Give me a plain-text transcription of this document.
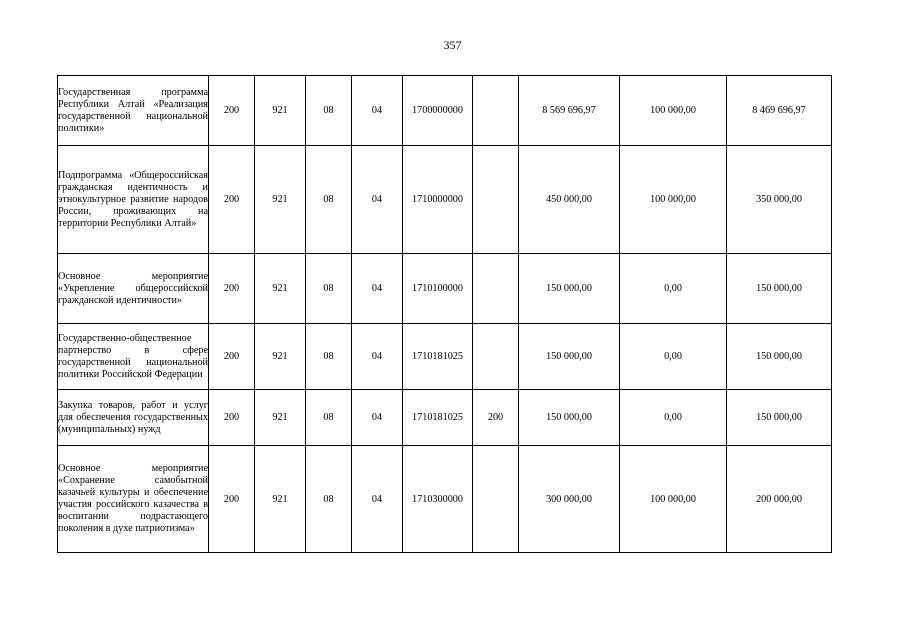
357
Государственная программа Республики Алтай «Реализация государственной национальной политики»	200	921	08	04	1700000000		8 569 696,97	100 000,00	8 469 696,97
Подпрограмма «Общероссийская гражданская идентичность и этнокультурное развитие народов России, проживающих на территории Республики Алтай»	200	921	08	04	1710000000		450 000,00	100 000,00	350 000,00
Основное мероприятие «Укрепление общероссийской гражданской идентичности»	200	921	08	04	1710100000		150 000,00	0,00	150 000,00
Государственно-общественное партнерство в сфере государственной национальной политики Российской Федерации	200	921	08	04	1710181025		150 000,00	0,00	150 000,00
Закупка товаров, работ и услуг для обеспечения государственных (муниципальных) нужд	200	921	08	04	1710181025	200	150 000,00	0,00	150 000,00
Основное мероприятие «Сохранение самобытной казачьей культуры и обеспечение участия российского казачества в воспитании подрастающего поколения в духе патриотизма»	200	921	08	04	1710300000		300 000,00	100 000,00	200 000,00
